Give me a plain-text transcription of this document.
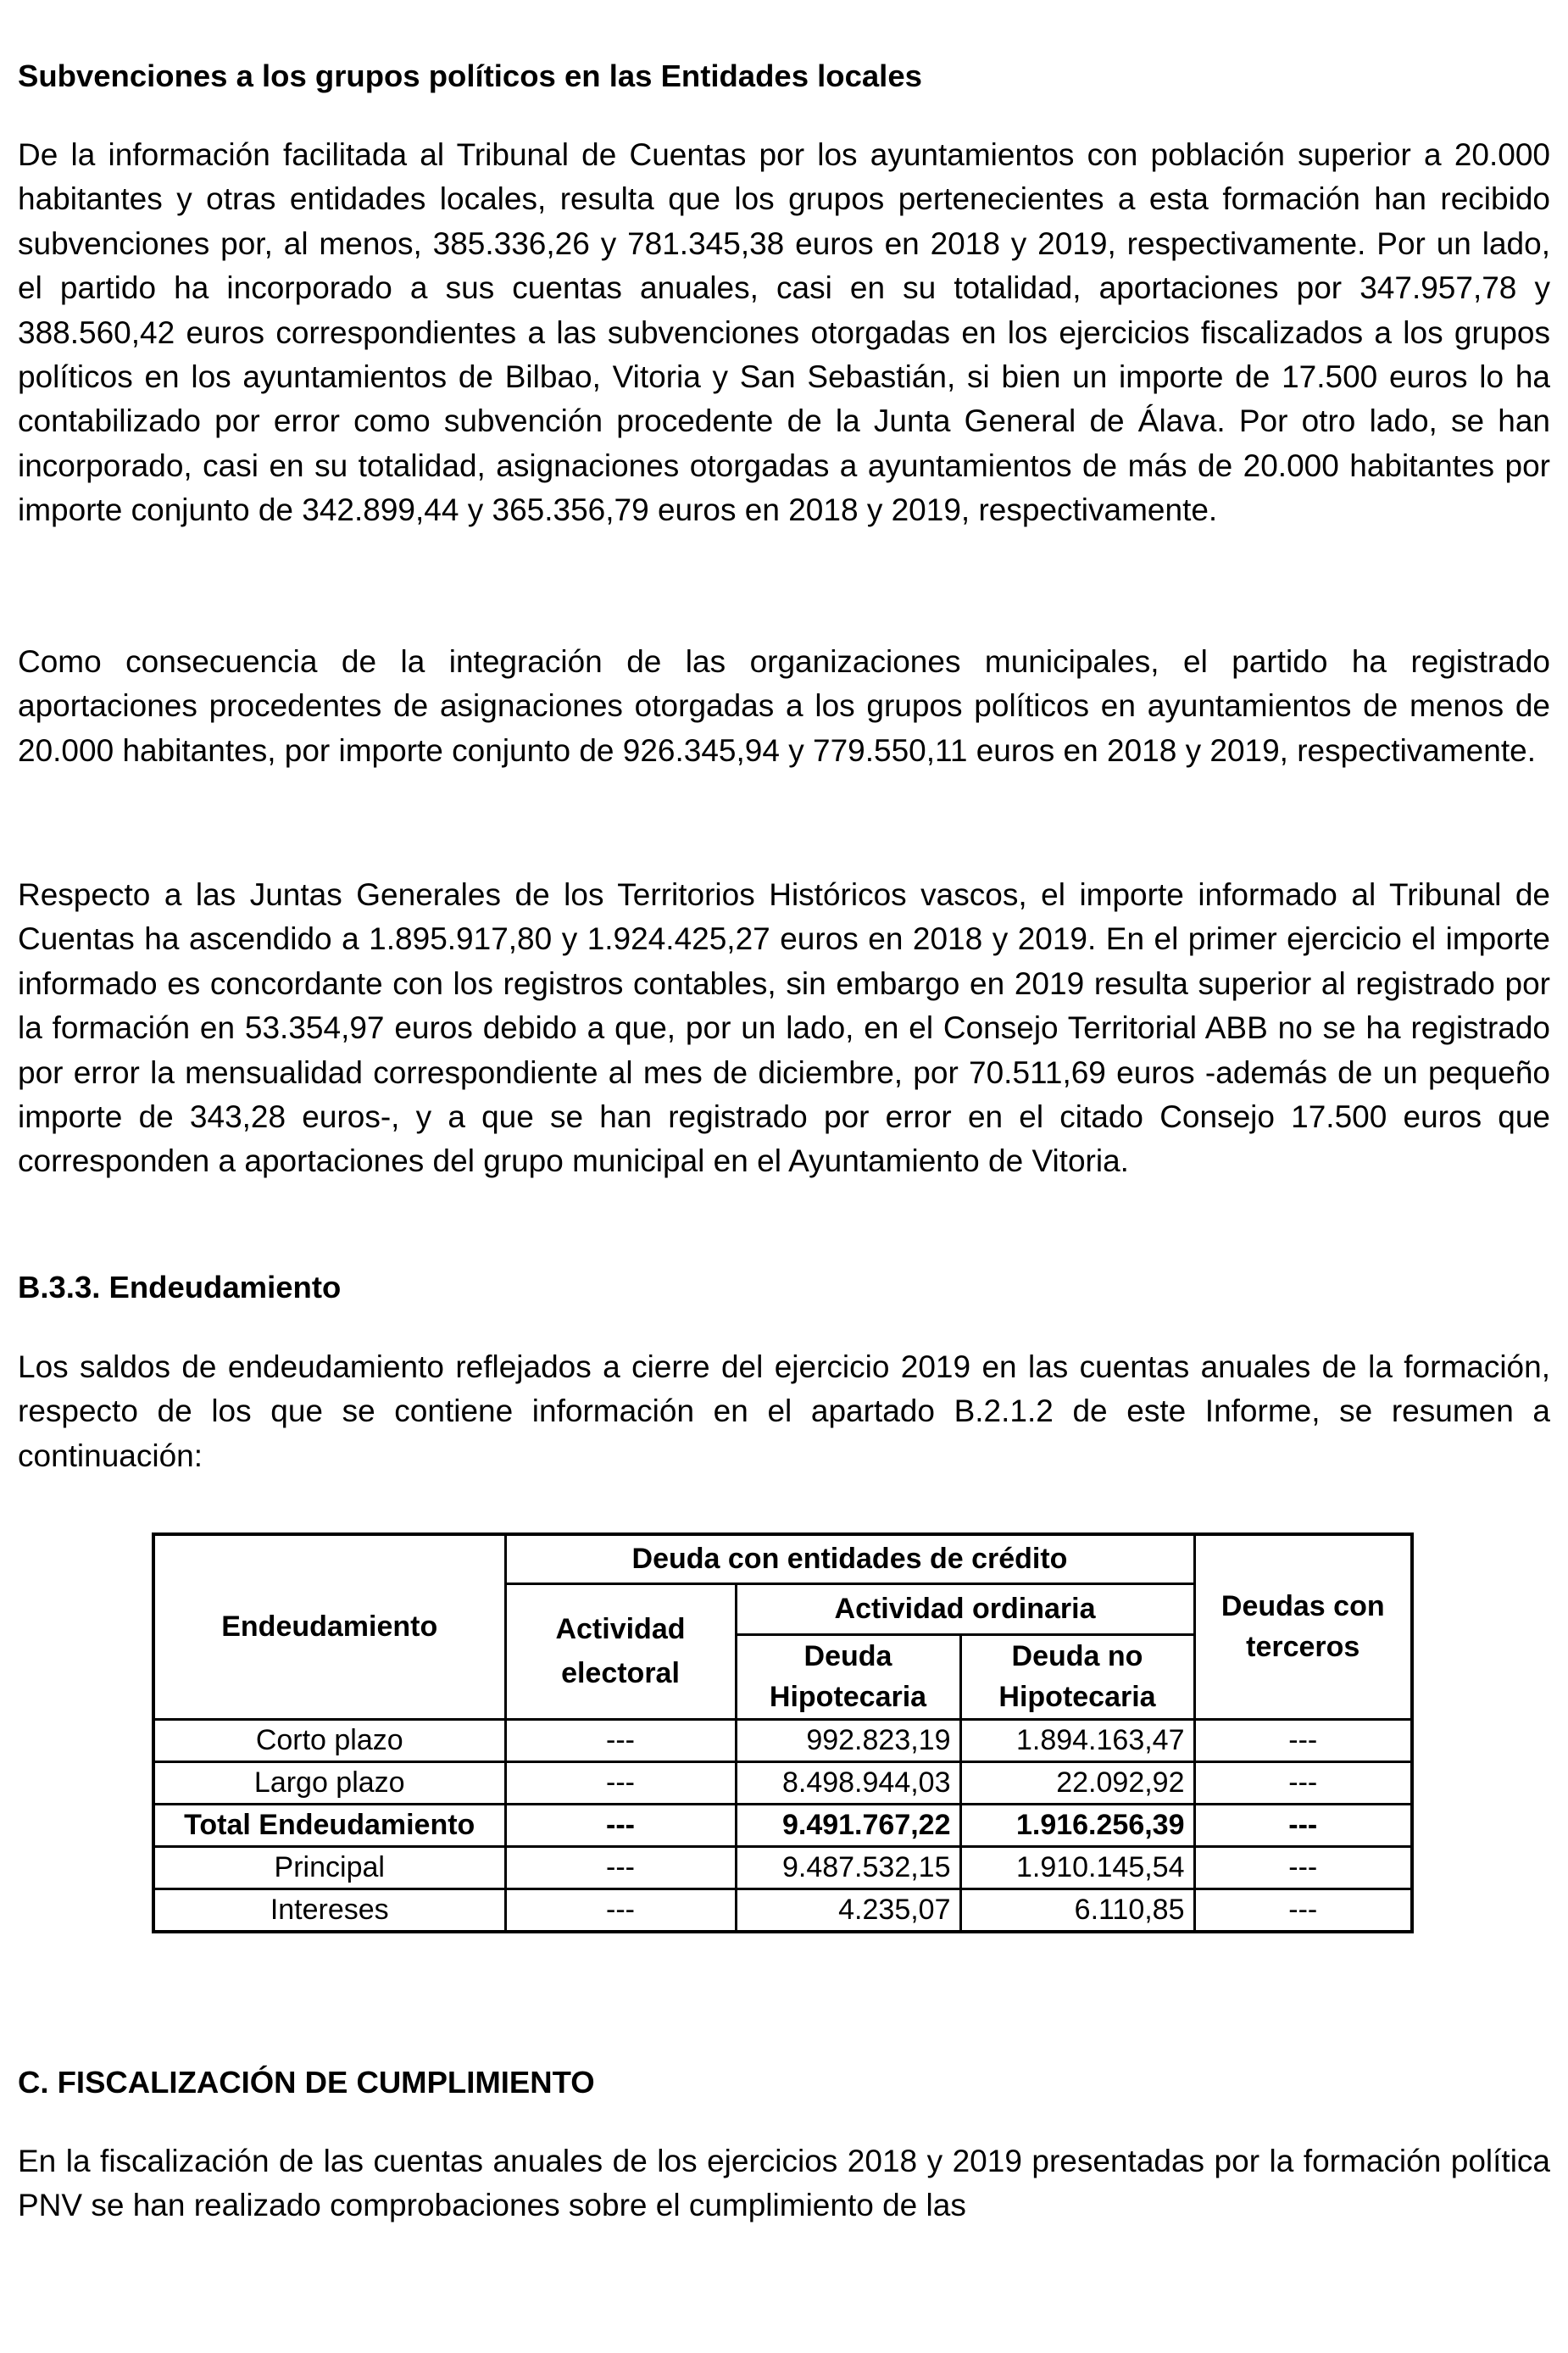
Subvenciones a los grupos políticos en las Entidades locales

De la información facilitada al Tribunal de Cuentas por los ayuntamientos con población superior a 20.000 habitantes y otras entidades locales, resulta que los grupos pertenecientes a esta formación han recibido subvenciones por, al menos, 385.336,26 y 781.345,38 euros en 2018 y 2019, respectivamente. Por un lado, el partido ha incorporado a sus cuentas anuales, casi en su totalidad, aportaciones por 347.957,78 y 388.560,42 euros correspondientes a las subvenciones otorgadas en los ejercicios fiscalizados a los grupos políticos en los ayuntamientos de Bilbao, Vitoria y San Sebastián, si bien un importe de 17.500 euros lo ha contabilizado por error como subvención procedente de la Junta General de Álava. Por otro lado, se han incorporado, casi en su totalidad, asignaciones otorgadas a ayuntamientos de más de 20.000 habitantes por importe conjunto de 342.899,44 y 365.356,79 euros en 2018 y 2019, respectivamente.

Como consecuencia de la integración de las organizaciones municipales, el partido ha registrado aportaciones procedentes de asignaciones otorgadas a los grupos políticos en ayuntamientos de menos de 20.000 habitantes, por importe conjunto de 926.345,94 y 779.550,11 euros en 2018 y 2019, respectivamente.

Respecto a las Juntas Generales de los Territorios Históricos vascos, el importe informado al Tribunal de Cuentas ha ascendido a 1.895.917,80 y 1.924.425,27 euros en 2018 y 2019. En el primer ejercicio el importe informado es concordante con los registros contables, sin embargo en 2019 resulta superior al registrado por la formación en 53.354,97 euros debido a que, por un lado, en el Consejo Territorial ABB no se ha registrado por error la mensualidad correspondiente al mes de diciembre, por 70.511,69 euros -además de un pequeño importe de 343,28 euros-, y a que se han registrado por error en el citado Consejo 17.500 euros que corresponden a aportaciones del grupo municipal en el Ayuntamiento de Vitoria.

B.3.3. Endeudamiento

Los saldos de endeudamiento reflejados a cierre del ejercicio 2019 en las cuentas anuales de la formación, respecto de los que se contiene información en el apartado B.2.1.2 de este Informe, se resumen a continuación:

C. FISCALIZACIÓN DE CUMPLIMIENTO

En la fiscalización de las cuentas anuales de los ejercicios 2018 y 2019 presentadas por la formación política PNV se han realizado comprobaciones sobre el cumplimiento de las

Endeudamiento	Deuda con entidades de crédito			Deudas con terceros
	Actividad electoral	Actividad ordinaria		
		Deuda Hipotecaria	Deuda no Hipotecaria	
Corto plazo	---	992.823,19	1.894.163,47	---
Largo plazo	---	8.498.944,03	22.092,92	---
Total Endeudamiento	---	9.491.767,22	1.916.256,39	---
Principal	---	9.487.532,15	1.910.145,54	---
Intereses	---	4.235,07	6.110,85	---
